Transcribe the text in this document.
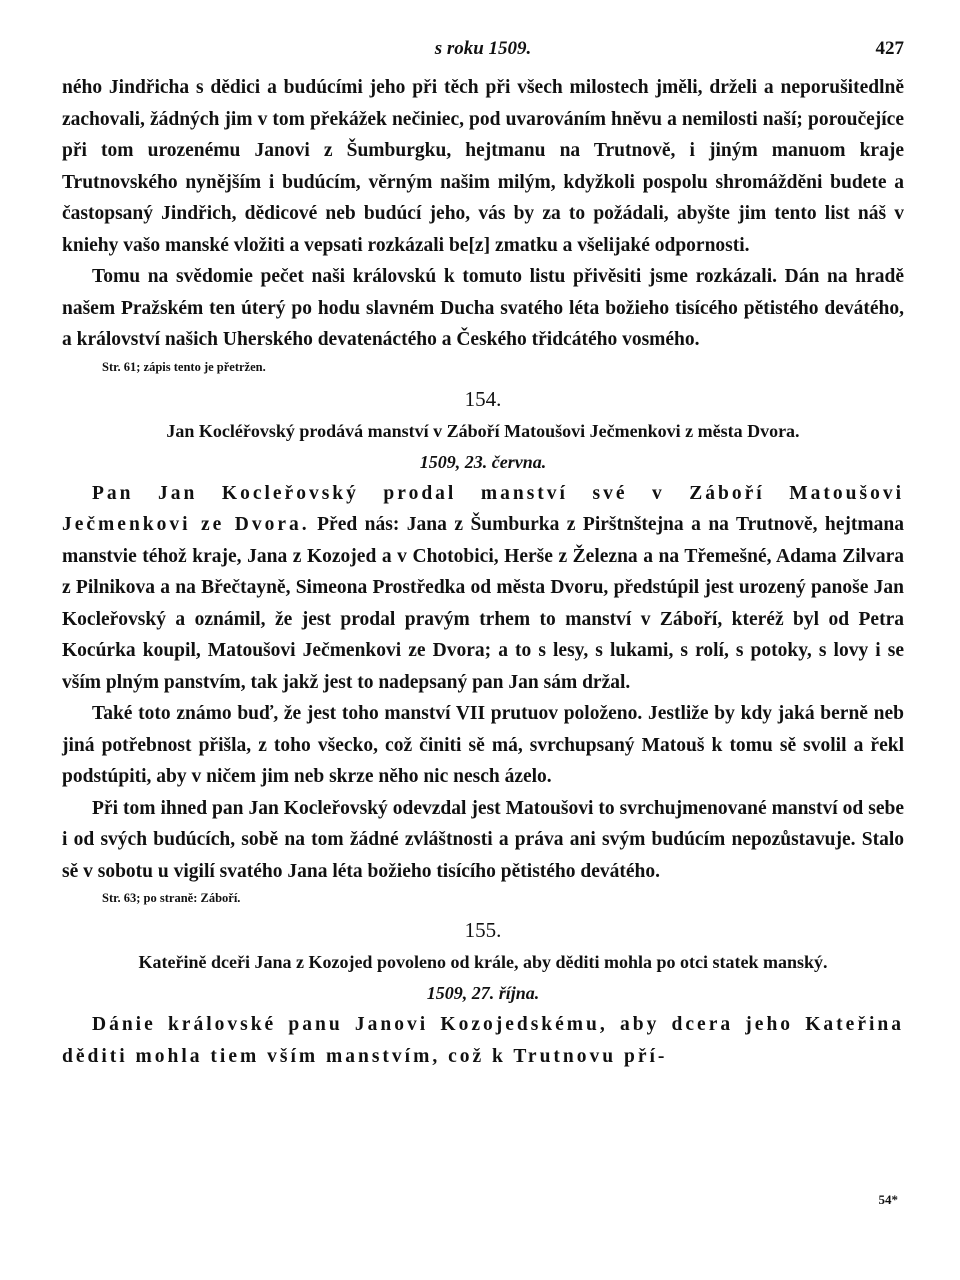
s roku 1509.	427

ného Jindřicha s dědici a budúcími jeho při těch při všech milostech jměli, drželi a neporušitedlně zachovali, žádných jim v tom překážek nečiniec, pod uvarováním hněvu a nemilosti naší; poroučejíce při tom urozenému Janovi z Šumburgku, hejtmanu na Trutnově, i jiným manuom kraje Trutnovského nynějším i budúcím, věrným našim milým, kdyžkoli pospolu shromážděni budete a častopsaný Jindřich, dědicové neb budúcí jeho, vás by za to požádali, abyšte jim tento list náš v kniehy vašo manské vložiti a vepsati rozkázali be[z] zmatku a všelijaké odpornosti.

Tomu na svědomie pečet naši královskú k tomuto listu přivěsiti jsme rozkázali. Dán na hradě našem Pražském ten úterý po hodu slavném Ducha svatého léta božieho tisícého pětistého devátého, a království našich Uherského devatenáctého a Českého třidcátého vosmého.

Str. 61; zápis tento je přetržen.
154.
Jan Kocléřovský prodává manství v Záboří Matoušovi Ječmenkovi z města Dvora.
1509, 23. června.

Pan Jan Kocleřovský prodal manství své v Záboří Matoušovi Ječmenkovi ze Dvora. Před nás: Jana z Šumburka z Pirštnštejna a na Trutnově, hejtmana manstvie téhož kraje, Jana z Kozojed a v Chotobici, Herše z Železna a na Třemešné, Adama Zilvara z Pilnikova a na Břečtayně, Simeona Prostředka od města Dvoru, předstúpil jest urozený panoše Jan Kocleřovský a oznámil, že jest prodal pravým trhem to manství v Záboří, kteréž byl od Petra Kocúrka koupil, Matoušovi Ječmenkovi ze Dvora; a to s lesy, s lukami, s rolí, s potoky, s lovy i se vším plným panstvím, tak jakž jest to nadepsaný pan Jan sám držal.

Také toto známo buď, že jest toho manství VII prutuov položeno. Jestliže by kdy jaká berně neb jiná potřebnost přišla, z toho všecko, což činiti sě má, svrchupsaný Matouš k tomu sě svolil a řekl podstúpiti, aby v ničem jim neb skrze něho nic nesch ázelo.

Při tom ihned pan Jan Kocleřovský odevzdal jest Matoušovi to svrchujmenované manství od sebe i od svých budúcích, sobě na tom žádné zvláštnosti a práva ani svým budúcím nepozůstavuje. Stalo sě v sobotu u vigilí svatého Jana léta božieho tisícího pětistého devátého.

Str. 63; po straně: Záboří.
155.
Kateřině dceři Jana z Kozojed povoleno od krále, aby děditi mohla po otci statek manský.
1509, 27. října.

Dánie královské panu Janovi Kozojedskému, aby dcera jeho Kateřina děditi mohla tiem vším manstvím, což k Trutnovu pří-

54*
